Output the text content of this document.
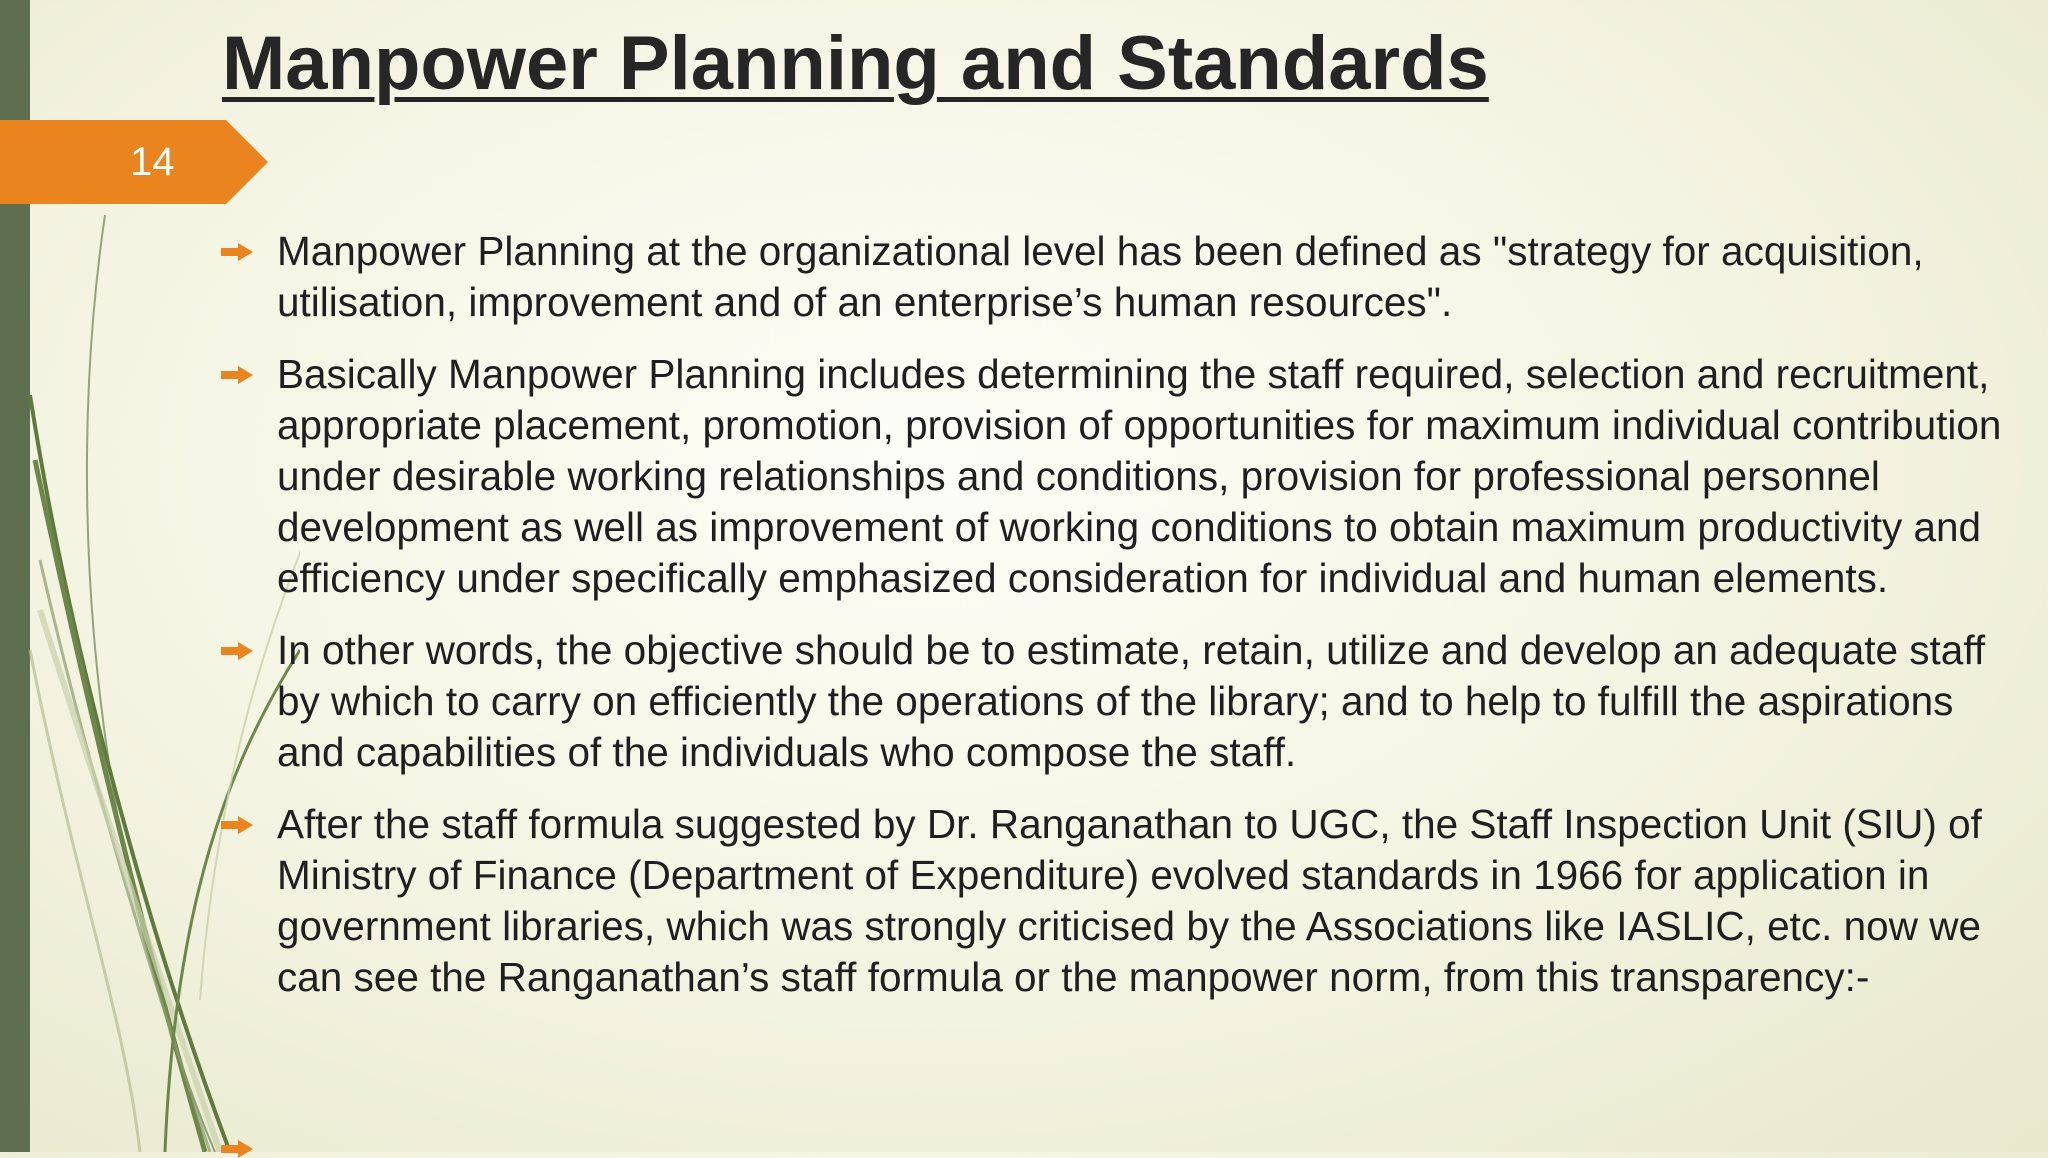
Manpower Planning and Standards
14
Manpower Planning at the organizational level has been defined as "strategy for acquisition, utilisation, improvement and of an enterprise’s human resources".
Basically Manpower Planning includes determining the staff required, selection and recruitment, appropriate placement, promotion, provision of opportunities for maximum individual contribution under desirable working relationships and conditions, provision for professional personnel development as well as improvement of working conditions to obtain maximum productivity and efficiency under specifically emphasized consideration for individual and human elements.
In other words, the objective should be to estimate, retain, utilize and develop an adequate staff by which to carry on efficiently the operations of the library; and to help to fulfill the aspirations and capabilities of the individuals who compose the staff.
After the staff formula suggested by Dr. Ranganathan to UGC, the Staff Inspection Unit (SIU) of Ministry of Finance (Department of Expenditure) evolved standards in 1966 for application in government libraries, which was strongly criticised by the Associations like IASLIC, etc. now we can see the Ranganathan’s staff formula or the manpower norm, from this transparency:-
